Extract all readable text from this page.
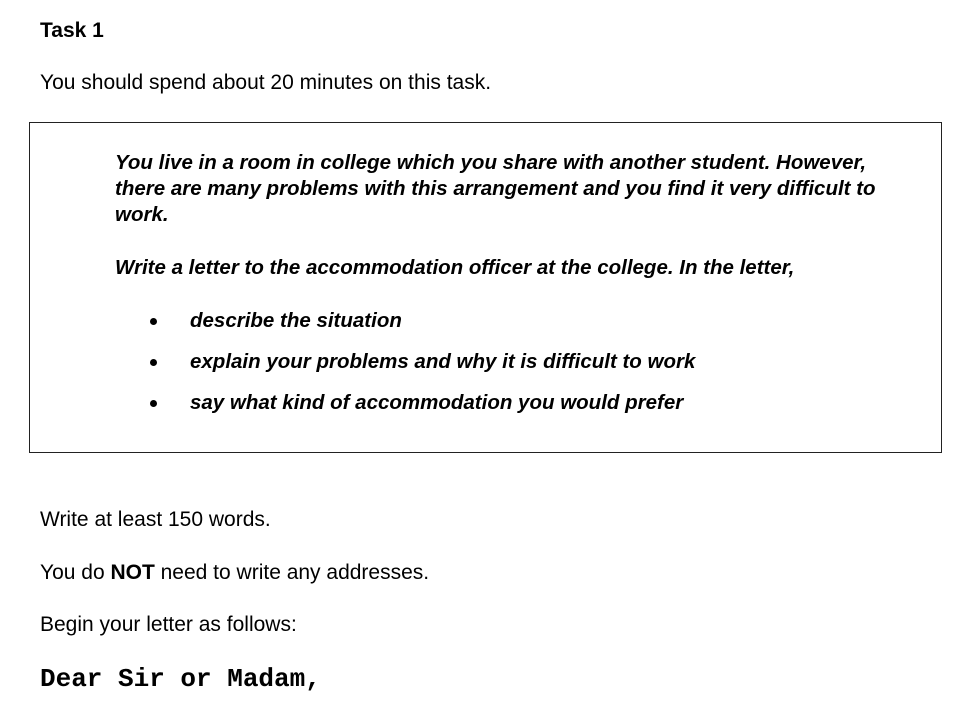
Task 1
You should spend about 20 minutes on this task.
You live in a room in college which you share with another student. However, there are many problems with this arrangement and you find it very difficult to work.
Write a letter to the accommodation officer at the college. In the letter,
describe the situation
explain your problems and why it is difficult to work
say what kind of accommodation you would prefer
Write at least 150 words.
You do NOT need to write any addresses.
Begin your letter as follows:
Dear Sir or Madam,
